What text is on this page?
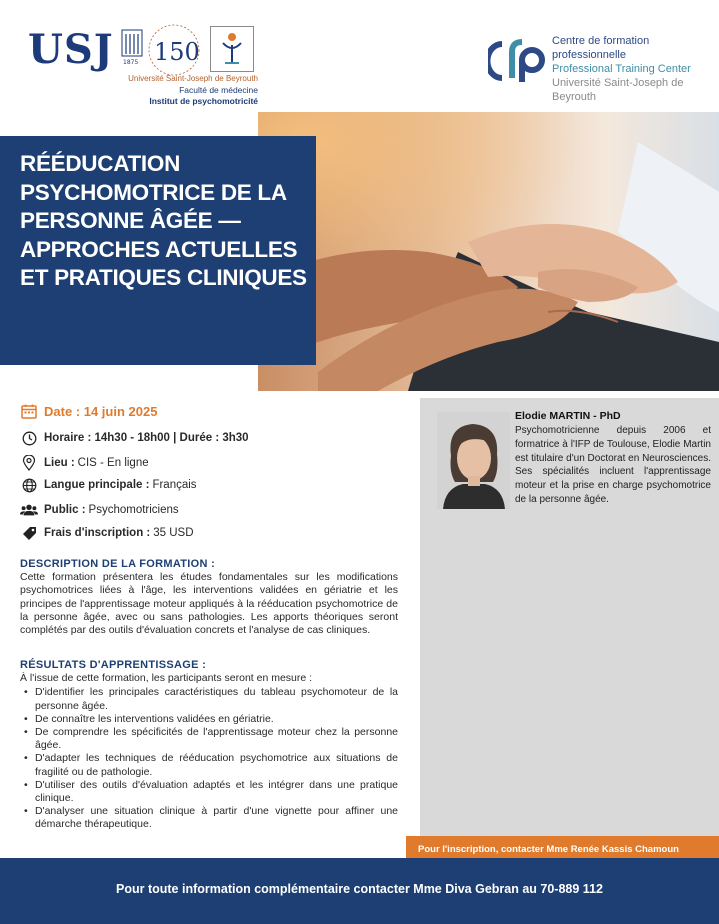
USJ 1875 150
Université Saint-Joseph de Beyrouth
Faculté de médecine
Institut de psychomotricité
Centre de formation
professionnelle
Professional Training Center
Université Saint-Joseph de Beyrouth
RÉÉDUCATION PSYCHOMOTRICE DE LA PERSONNE ÂGÉE — APPROCHES ACTUELLES ET PRATIQUES CLINIQUES
Date : 14 juin 2025
Horaire : 14h30 - 18h00 | Durée : 3h30
Lieu : CIS - En ligne
Langue principale : Français
Public : Psychomotriciens
Frais d'inscription : 35 USD
Elodie MARTIN - PhD
Psychomotricienne depuis 2006 et formatrice à l'IFP de Toulouse, Elodie Martin est titulaire d'un Doctorat en Neurosciences. Ses spécialités incluent l'apprentissage moteur et la prise en charge psychomotrice de la personne âgée.
DESCRIPTION DE LA FORMATION :
Cette formation présentera les études fondamentales sur les modifications psychomotrices liées à l'âge, les interventions validées en gériatrie et les principes de l'apprentissage moteur appliqués à la rééducation psychomotrice de la personne âgée, avec ou sans pathologies. Les apports théoriques seront complétés par des outils d'évaluation concrets et l'analyse de cas cliniques.
RÉSULTATS D'APPRENTISSAGE :
À l'issue de cette formation, les participants seront en mesure :
• D'identifier les principales caractéristiques du tableau psychomoteur de la personne âgée.
• De connaître les interventions validées en gériatrie.
• De comprendre les spécificités de l'apprentissage moteur chez la personne âgée.
• D'adapter les techniques de rééducation psychomotrice aux situations de fragilité ou de pathologie.
• D'utiliser des outils d'évaluation adaptés et les intégrer dans une pratique clinique.
• D'analyser une situation clinique à partir d'une vignette pour affiner une démarche thérapeutique.
Pour l'inscription, contacter Mme Renée Kassis Chamoun
Pour toute information complémentaire contacter Mme Diva Gebran au 70-889 112
